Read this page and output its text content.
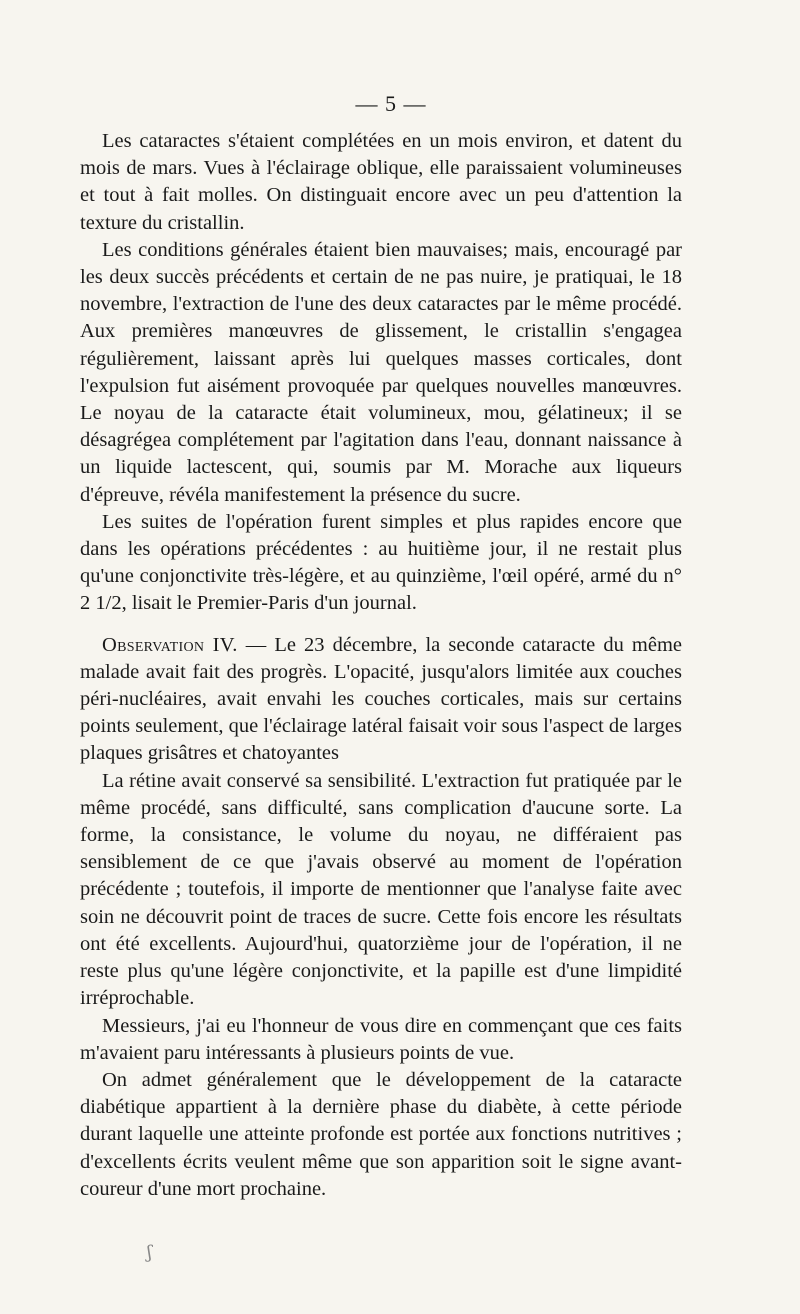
— 5 —

Les cataractes s'étaient complétées en un mois environ, et datent du mois de mars. Vues à l'éclairage oblique, elle paraissaient volumineuses et tout à fait molles. On distinguait encore avec un peu d'attention la texture du cristallin.

Les conditions générales étaient bien mauvaises; mais, encouragé par les deux succès précédents et certain de ne pas nuire, je pratiquai, le 18 novembre, l'extraction de l'une des deux cataractes par le même procédé. Aux premières manœuvres de glissement, le cristallin s'engagea régulièrement, laissant après lui quelques masses corticales, dont l'expulsion fut aisément provoquée par quelques nouvelles manœuvres. Le noyau de la cataracte était volumineux, mou, gélatineux; il se désagrégea complétement par l'agitation dans l'eau, donnant naissance à un liquide lactescent, qui, soumis par M. Morache aux liqueurs d'épreuve, révéla manifestement la présence du sucre.

Les suites de l'opération furent simples et plus rapides encore que dans les opérations précédentes : au huitième jour, il ne restait plus qu'une conjonctivite très-légère, et au quinzième, l'œil opéré, armé du n° 2 1/2, lisait le Premier-Paris d'un journal.

Observation IV. — Le 23 décembre, la seconde cataracte du même malade avait fait des progrès. L'opacité, jusqu'alors limitée aux couches péri-nucléaires, avait envahi les couches corticales, mais sur certains points seulement, que l'éclairage latéral faisait voir sous l'aspect de larges plaques grisâtres et chatoyantes

La rétine avait conservé sa sensibilité. L'extraction fut pratiquée par le même procédé, sans difficulté, sans complication d'aucune sorte. La forme, la consistance, le volume du noyau, ne différaient pas sensiblement de ce que j'avais observé au moment de l'opération précédente ; toutefois, il importe de mentionner que l'analyse faite avec soin ne découvrit point de traces de sucre. Cette fois encore les résultats ont été excellents. Aujourd'hui, quatorzième jour de l'opération, il ne reste plus qu'une légère conjonctivite, et la papille est d'une limpidité irréprochable.

Messieurs, j'ai eu l'honneur de vous dire en commençant que ces faits m'avaient paru intéressants à plusieurs points de vue.

On admet généralement que le développement de la cataracte diabétique appartient à la dernière phase du diabète, à cette période durant laquelle une atteinte profonde est portée aux fonctions nutritives ; d'excellents écrits veulent même que son apparition soit le signe avant-coureur d'une mort prochaine.

ʃ
